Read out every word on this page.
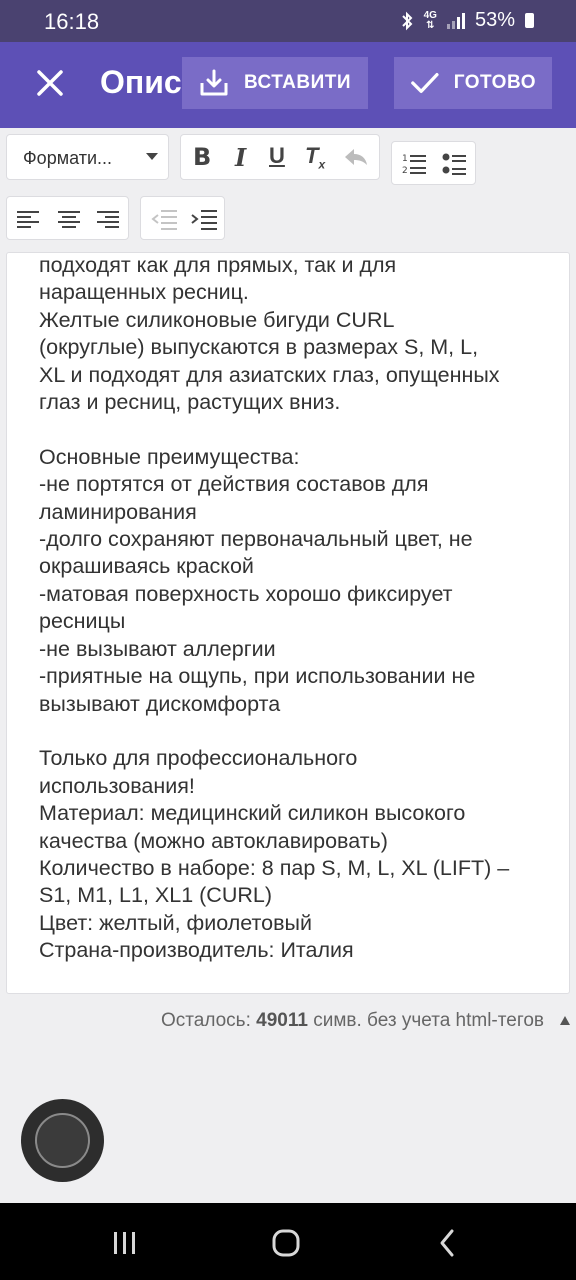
16:18	4G
⇅ 53%
Опис	ВСТАВИТИ	ГОТОВО
Формати...	B I U $T_x$	1
2
подходят как для прямых, так и для
наращенных ресниц.
Желтые силиконовые бигуди CURL
(округлые) выпускаются в размерах S, M, L,
XL и подходят для азиатских глаз, опущенных
глаз и ресниц, растущих вниз.

Основные преимущества:
-не портятся от действия составов для
ламинирования
-долго сохраняют первоначальный цвет, не
окрашиваясь краской
-матовая поверхность хорошо фиксирует
ресницы
-не вызывают аллергии
-приятные на ощупь, при использовании не
вызывают дискомфорта

Только для профессионального
использования!
Материал: медицинский силикон высокого
качества (можно автоклавировать)
Количество в наборе: 8 пар S, M, L, XL (LIFT) –
S1, M1, L1, XL1 (CURL)
Цвет: желтый, фиолетовый
Страна-производитель: Италия
Осталось: 49011 симв. без учета html-тегов
